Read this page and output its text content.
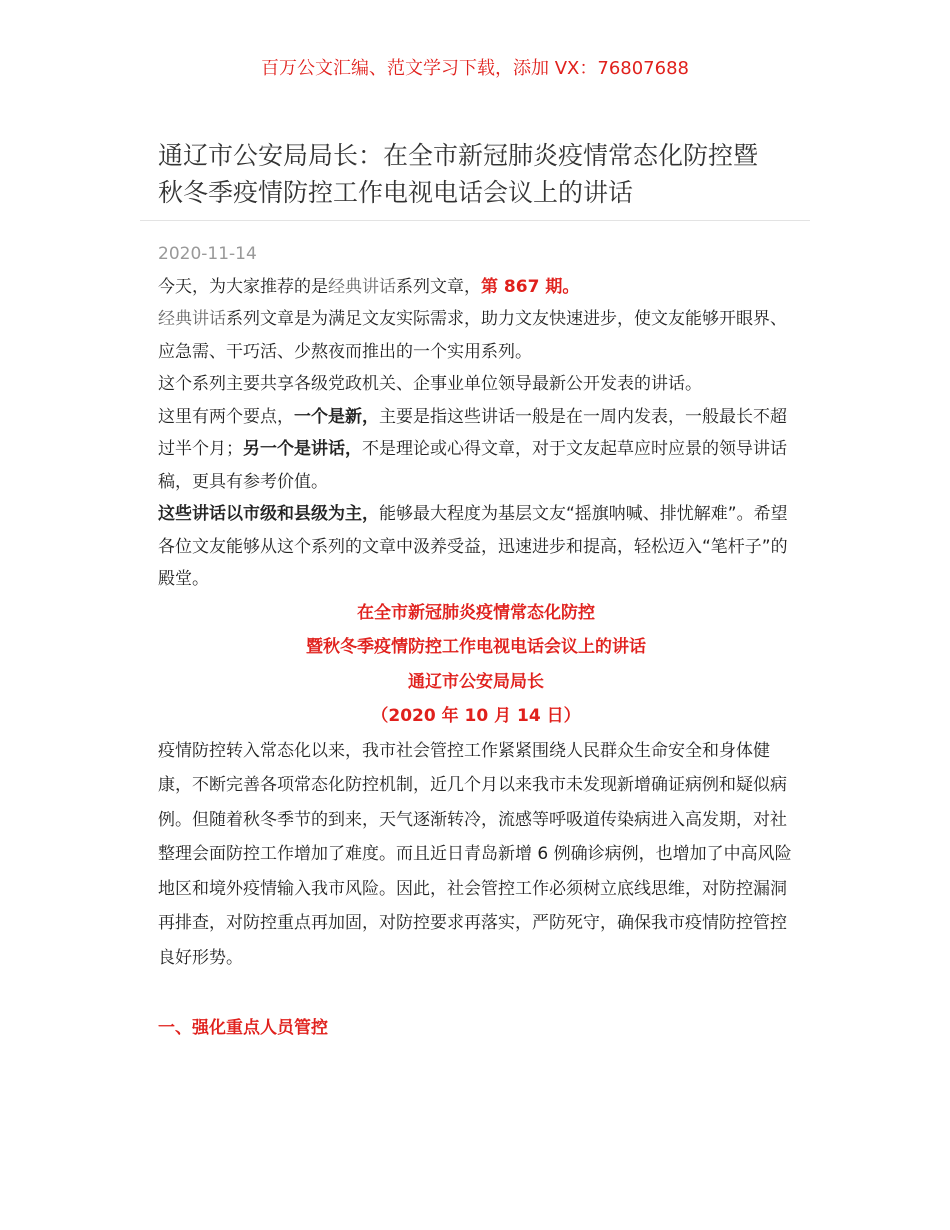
百万公文汇编、范文学习下载，添加 VX：76807688
通辽市公安局局长：在全市新冠肺炎疫情常态化防控暨
秋冬季疫情防控工作电视电话会议上的讲话

2020-11-14

今天，为大家推荐的是经典讲话系列文章，第 867 期。

经典讲话系列文章是为满足文友实际需求，助力文友快速进步，使文友能够开眼界、应急需、干巧活、少熬夜而推出的一个实用系列。

这个系列主要共享各级党政机关、企事业单位领导最新公开发表的讲话。

这里有两个要点，一个是新，主要是指这些讲话一般是在一周内发表，一般最长不超过半个月；另一个是讲话，不是理论或心得文章，对于文友起草应时应景的领导讲话稿，更具有参考价值。

这些讲话以市级和县级为主，能够最大程度为基层文友“摇旗呐喊、排忧解难”。希望各位文友能够从这个系列的文章中汲养受益，迅速进步和提高，轻松迈入“笔杆子”的殿堂。

在全市新冠肺炎疫情常态化防控

暨秋冬季疫情防控工作电视电话会议上的讲话

通辽市公安局局长

（2020 年 10 月 14 日）

疫情防控转入常态化以来，我市社会管控工作紧紧围绕人民群众生命安全和身体健康，不断完善各项常态化防控机制，近几个月以来我市未发现新增确证病例和疑似病例。但随着秋冬季节的到来，天气逐渐转冷，流感等呼吸道传染病进入高发期，对社整理会面防控工作增加了难度。而且近日青岛新增 6 例确诊病例，也增加了中高风险地区和境外疫情输入我市风险。因此，社会管控工作必须树立底线思维，对防控漏洞再排查，对防控重点再加固，对防控要求再落实，严防死守，确保我市疫情防控管控良好形势。

一、强化重点人员管控
